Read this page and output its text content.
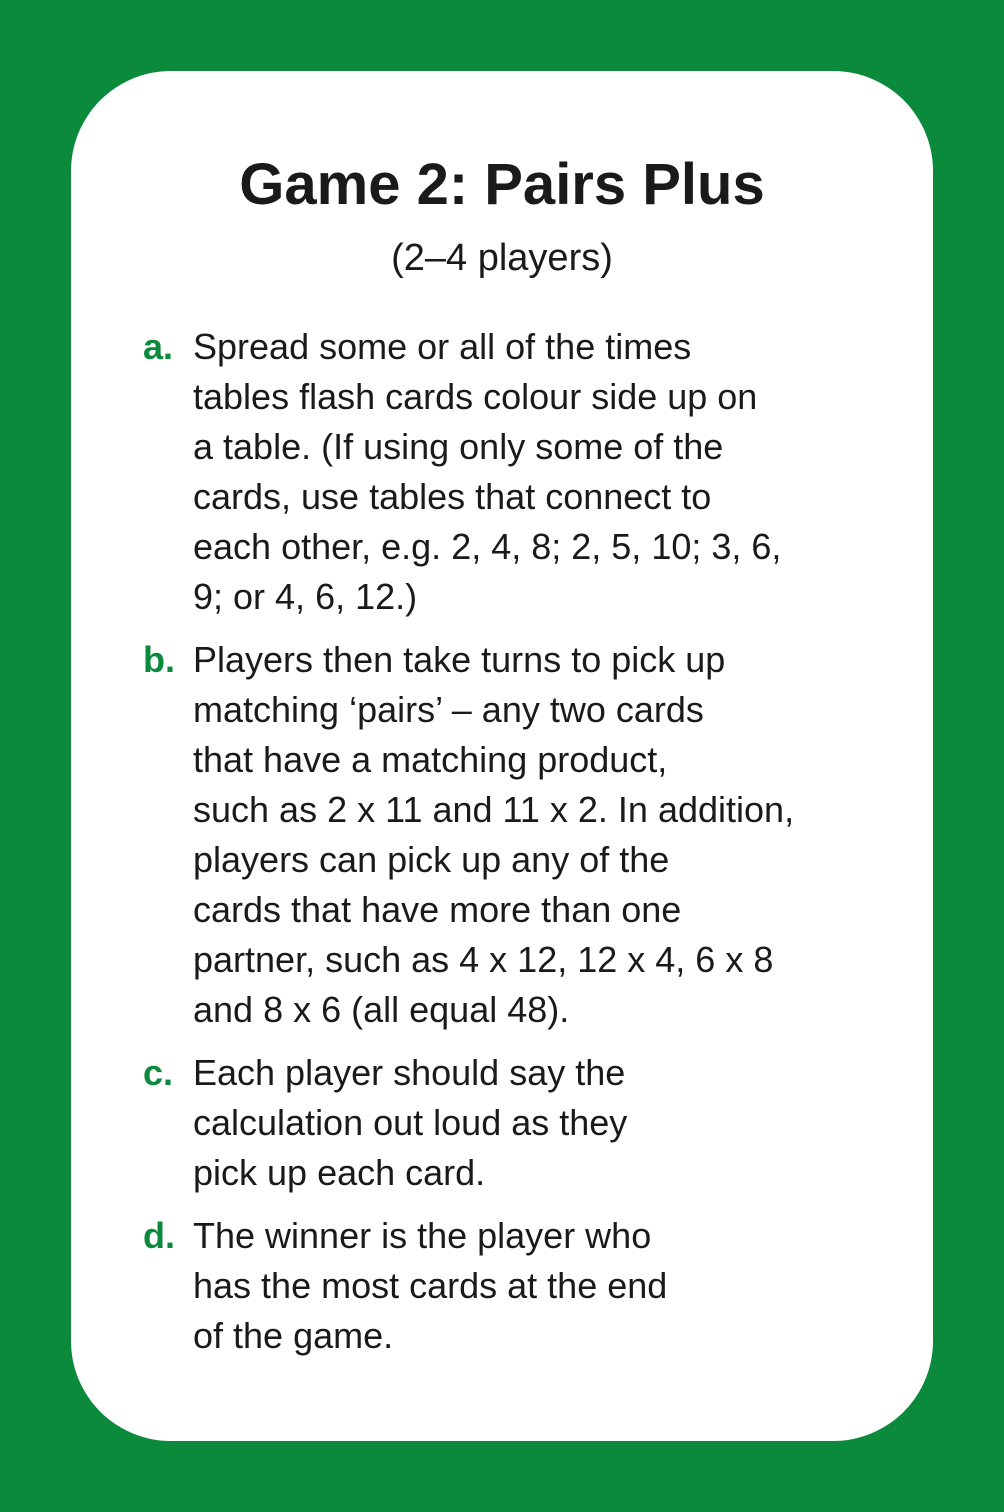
Game 2: Pairs Plus
(2–4 players)
a. Spread some or all of the times
tables flash cards colour side up on
a table. (If using only some of the
cards, use tables that connect to
each other, e.g. 2, 4, 8; 2, 5, 10; 3, 6,
9; or 4, 6, 12.)
b. Players then take turns to pick up
matching ‘pairs’ – any two cards
that have a matching product,
such as 2 x 11 and 11 x 2. In addition,
players can pick up any of the
cards that have more than one
partner, such as 4 x 12, 12 x 4, 6 x 8
and 8 x 6 (all equal 48).
c. Each player should say the
calculation out loud as they
pick up each card.
d. The winner is the player who
has the most cards at the end
of the game.
